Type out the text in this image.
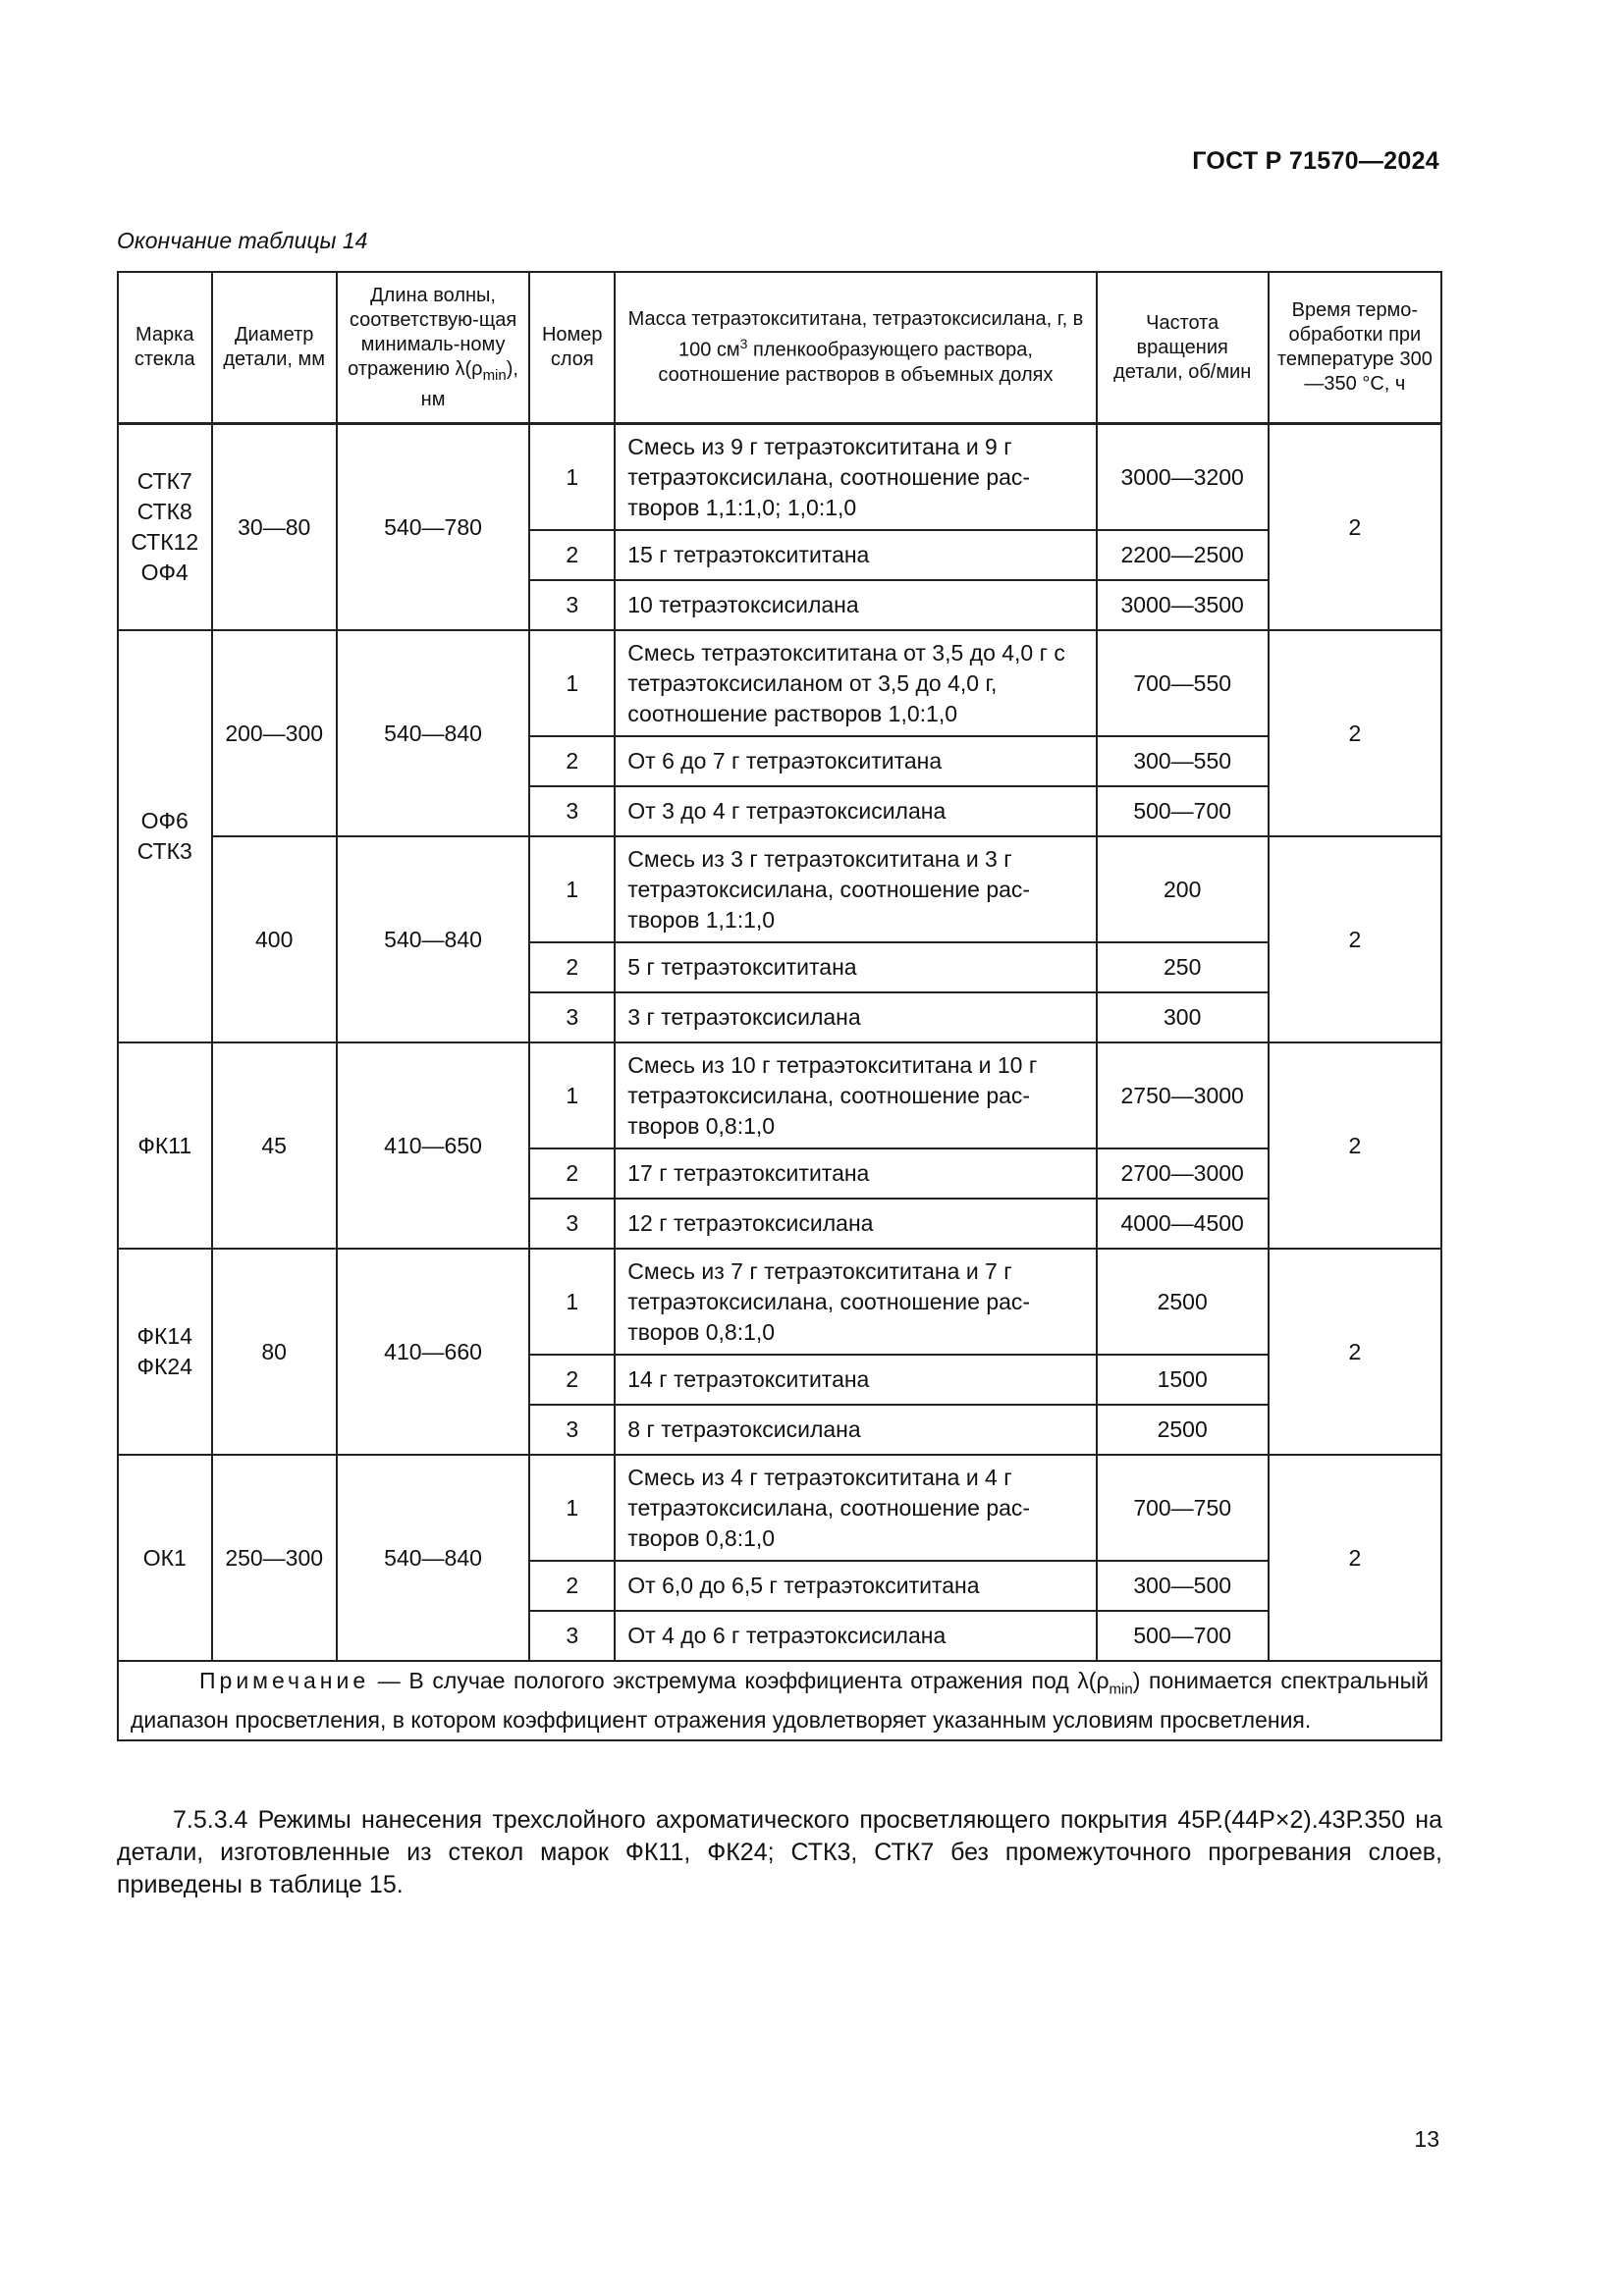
ГОСТ Р 71570—2024
Окончание таблицы 14
Марка стекла	Диаметр детали, мм	Длина волны, соответствую-щая минималь-ному отражению $\lambda(\rho_{min})$, нм	Номер слоя	Масса тетраэтоксититана, тетраэтоксисилана, г, в 100 $см^3$ пленкообразующего раствора, соотношение растворов в объемных долях	Частота вращения детали, об/мин	Время термо-обработки при температуре 300—350 °С, ч
СТК7
СТК8
СТК12
ОФ4	30—80	540—780	1	Смесь из 9 г тетраэтоксититана и 9 г тетраэтоксисилана, соотношение рас-творов 1,1:1,0; 1,0:1,0	3000—3200	2
			2	15 г тетраэтоксититана	2200—2500	
			3	10 тетраэтоксисилана	3000—3500	
ОФ6
СТК3	200—300	540—840	1	Смесь тетраэтоксититана от 3,5 до 4,0 г с тетраэтоксисиланом от 3,5 до 4,0 г, соотношение растворов 1,0:1,0	700—550	2
			2	От 6 до 7 г тетраэтоксититана	300—550	
			3	От 3 до 4 г тетраэтоксисилана	500—700	
	400	540—840	1	Смесь из 3 г тетраэтоксититана и 3 г тетраэтоксисилана, соотношение рас-творов 1,1:1,0	200	2
			2	5 г тетраэтоксититана	250	
			3	3 г тетраэтоксисилана	300	
ФК11	45	410—650	1	Смесь из 10 г тетраэтоксититана и 10 г тетраэтоксисилана, соотношение рас-творов 0,8:1,0	2750—3000	2
			2	17 г тетраэтоксититана	2700—3000	
			3	12 г тетраэтоксисилана	4000—4500	
ФК14
ФК24	80	410—660	1	Смесь из 7 г тетраэтоксититана и 7 г тетраэтоксисилана, соотношение рас-творов 0,8:1,0	2500	2
			2	14 г тетраэтоксититана	1500	
			3	8 г тетраэтоксисилана	2500	
ОК1	250—300	540—840	1	Смесь из 4 г тетраэтоксититана и 4 г тетраэтоксисилана, соотношение рас-творов 0,8:1,0	700—750	2
			2	От 6,0 до 6,5 г тетраэтоксититана	300—500	
			3	От 4 до 6 г тетраэтоксисилана	500—700	
Примечание — В случае пологого экстремума коэффициента отражения под $\lambda(\rho_{min})$ понимается спектральный диапазон просветления, в котором коэффициент отражения удовлетворяет указанным условиям просветления.						
7.5.3.4 Режимы нанесения трехслойного ахроматического просветляющего покрытия 45Р.(44Р×2).43Р.350 на детали, изготовленные из стекол марок ФК11, ФК24; СТК3, СТК7 без промежуточного прогревания слоев, приведены в таблице 15.
13
